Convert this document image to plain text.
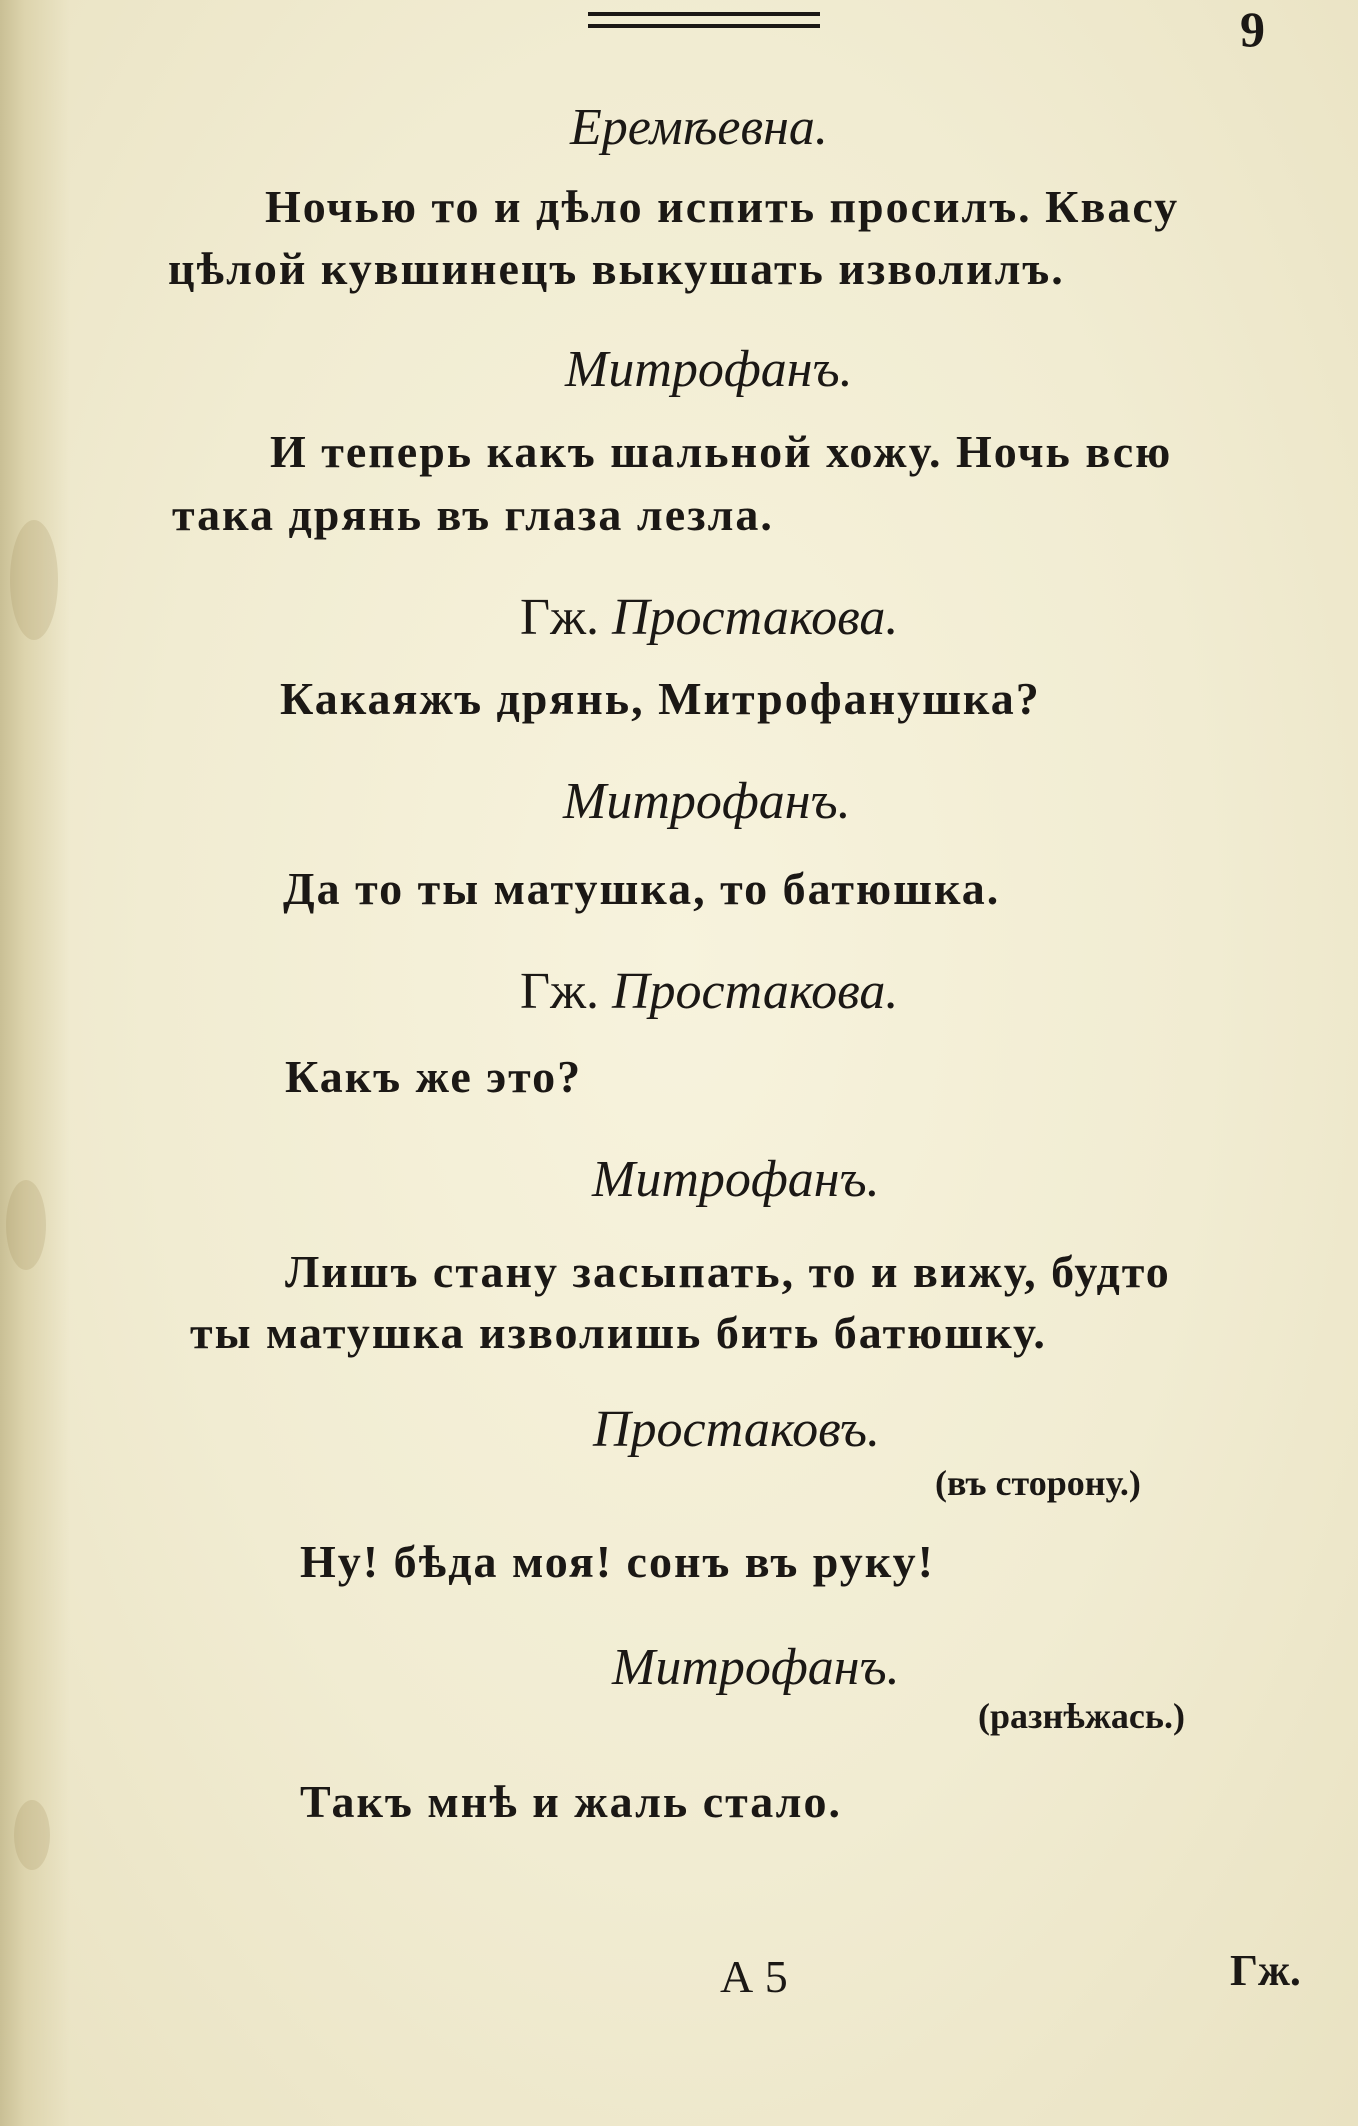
9
Еремѣевна.
Ночью то и дѣло испить просилъ. Квасу
цѣлой кувшинецъ выкушать изволилъ.
Митрофанъ.
И теперь какъ шальной хожу. Ночь всю
така дрянь въ глаза лезла.
Гж. Простакова.
Какаяжъ дрянь, Митрофанушка?
Митрофанъ.
Да то ты матушка, то батюшка.
Гж. Простакова.
Какъ же это?
Митрофанъ.
Лишъ стану засыпать, то и вижу, будто
ты матушка изволишь бить батюшку.
Простаковъ.
(въ сторону.)
Ну! бѣда моя! сонъ въ руку!
Митрофанъ.
(разнѣжась.)
Такъ мнѣ и жаль стало.
А 5	Гж.
